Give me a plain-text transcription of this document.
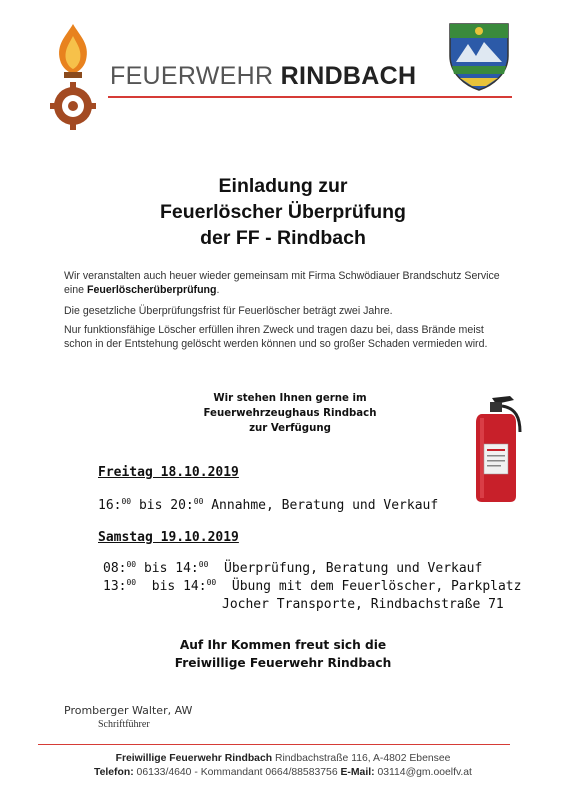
FEUERWEHR RINDBACH
Einladung zur
Feuerlöscher Überprüfung
der FF - Rindbach
Wir veranstalten auch heuer wieder gemeinsam mit Firma Schwödiauer Brandschutz Service eine Feuerlöscherüberprüfung.
Die gesetzliche Überprüfungsfrist für Feuerlöscher beträgt zwei Jahre.
Nur funktionsfähige Löscher erfüllen ihren Zweck und tragen dazu bei, dass Brände meist schon in der Entstehung gelöscht werden können und so großer Schaden vermieden wird.
Wir stehen Ihnen gerne im
Feuerwehrzeughaus Rindbach
zur Verfügung
Freitag 18.10.2019
16:$^{00}$ bis 20:$^{00}$ Annahme, Beratung und Verkauf
Samstag 19.10.2019
08:$^{00}$ bis 14:$^{00}$  Überprüfung, Beratung und Verkauf
13:$^{00}$  bis 14:$^{00}$  Übung mit dem Feuerlöscher, Parkplatz
Jocher Transporte, Rindbachstraße 71
Auf Ihr Kommen freut sich die
Freiwillige Feuerwehr Rindbach
Promberger Walter, AW
Schriftführer
Freiwillige Feuerwehr Rindbach Rindbachstraße 116, A-4802 Ebensee
Telefon: 06133/4640 - Kommandant 0664/88583756 E-Mail: 03114@gm.ooelfv.at
